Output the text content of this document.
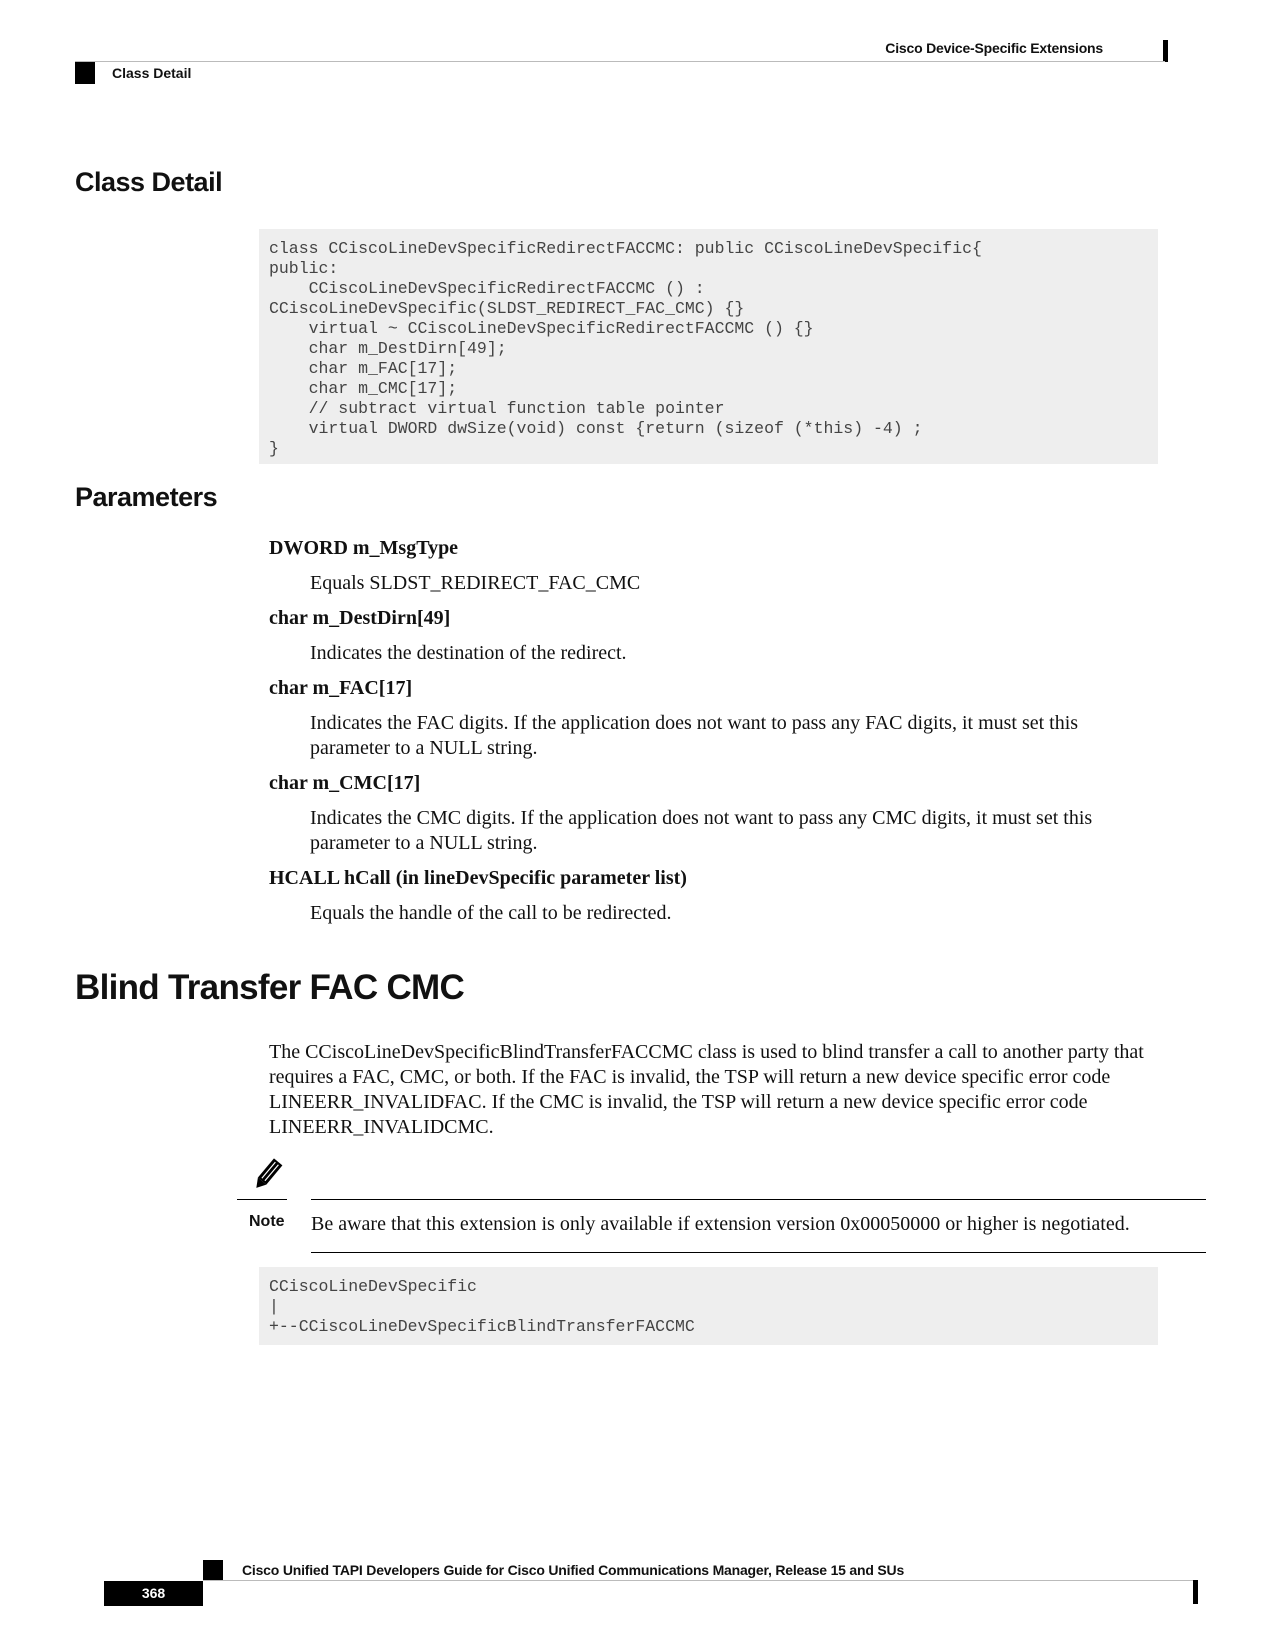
Cisco Device-Specific Extensions
Class Detail
Class Detail
class CCiscoLineDevSpecificRedirectFACCMC: public CCiscoLineDevSpecific{
public:
CCiscoLineDevSpecificRedirectFACCMC () :
CCiscoLineDevSpecific(SLDST_REDIRECT_FAC_CMC) {}
virtual ~ CCiscoLineDevSpecificRedirectFACCMC () {}
char m_DestDirn[49];
char m_FAC[17];
char m_CMC[17];
// subtract virtual function table pointer
virtual DWORD dwSize(void) const {return (sizeof (*this) -4) ;
}
Parameters
DWORD m_MsgType
Equals SLDST_REDIRECT_FAC_CMC
char m_DestDirn[49]
Indicates the destination of the redirect.
char m_FAC[17]
Indicates the FAC digits. If the application does not want to pass any FAC digits, it must set this parameter to a NULL string.
char m_CMC[17]
Indicates the CMC digits. If the application does not want to pass any CMC digits, it must set this parameter to a NULL string.
HCALL hCall (in lineDevSpecific parameter list)
Equals the handle of the call to be redirected.
Blind Transfer FAC CMC

The CCiscoLineDevSpecificBlindTransferFACCMC class is used to blind transfer a call to another party that requires a FAC, CMC, or both. If the FAC is invalid, the TSP will return a new device specific error code LINEERR_INVALIDFAC. If the CMC is invalid, the TSP will return a new device specific error code LINEERR_INVALIDCMC.

Note Be aware that this extension is only available if extension version 0x00050000 or higher is negotiated.
CCiscoLineDevSpecific
|
+--CCiscoLineDevSpecificBlindTransferFACCMC
Cisco Unified TAPI Developers Guide for Cisco Unified Communications Manager, Release 15 and SUs
368
